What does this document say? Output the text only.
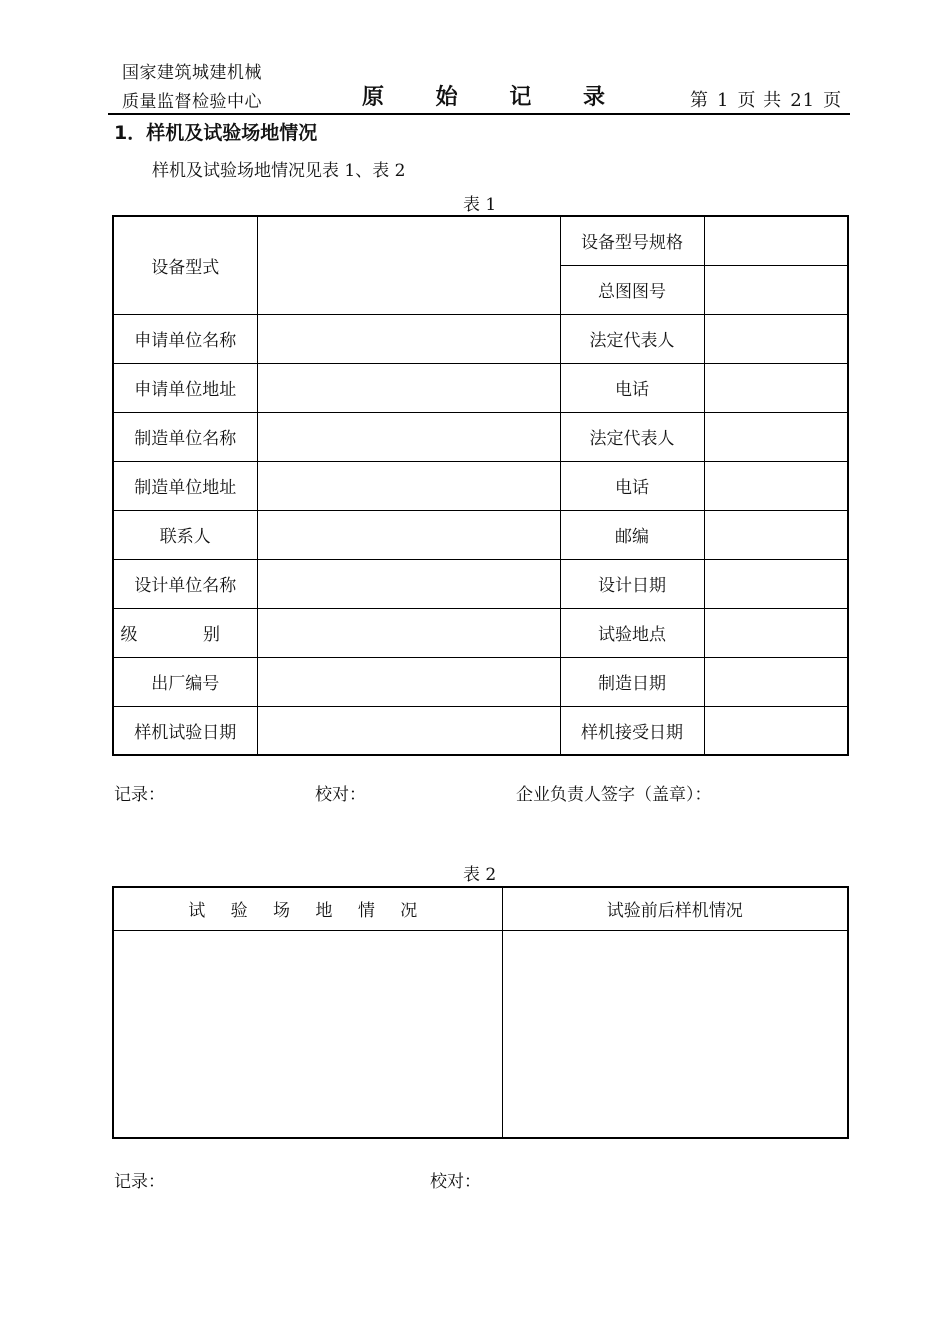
国家建筑城建机械
质量监督检验中心	原 始 记 录	第 1 页 共 21 页
1．样机及试验场地情况
样机及试验场地情况见表 1、表 2
表 1
设备型式		设备型号规格	
		总图图号	
申请单位名称		法定代表人	
申请单位地址		电话	
制造单位名称		法定代表人	
制造单位地址		电话	
联系人		邮编	
设计单位名称		设计日期	
级 别		试验地点	
出厂编号		制造日期	
样机试验日期		样机接受日期	
记录：	校对：	企业负责人签字（盖章）：
表 2
试 验 场 地 情 况	试验前后样机情况

记录：	校对：
